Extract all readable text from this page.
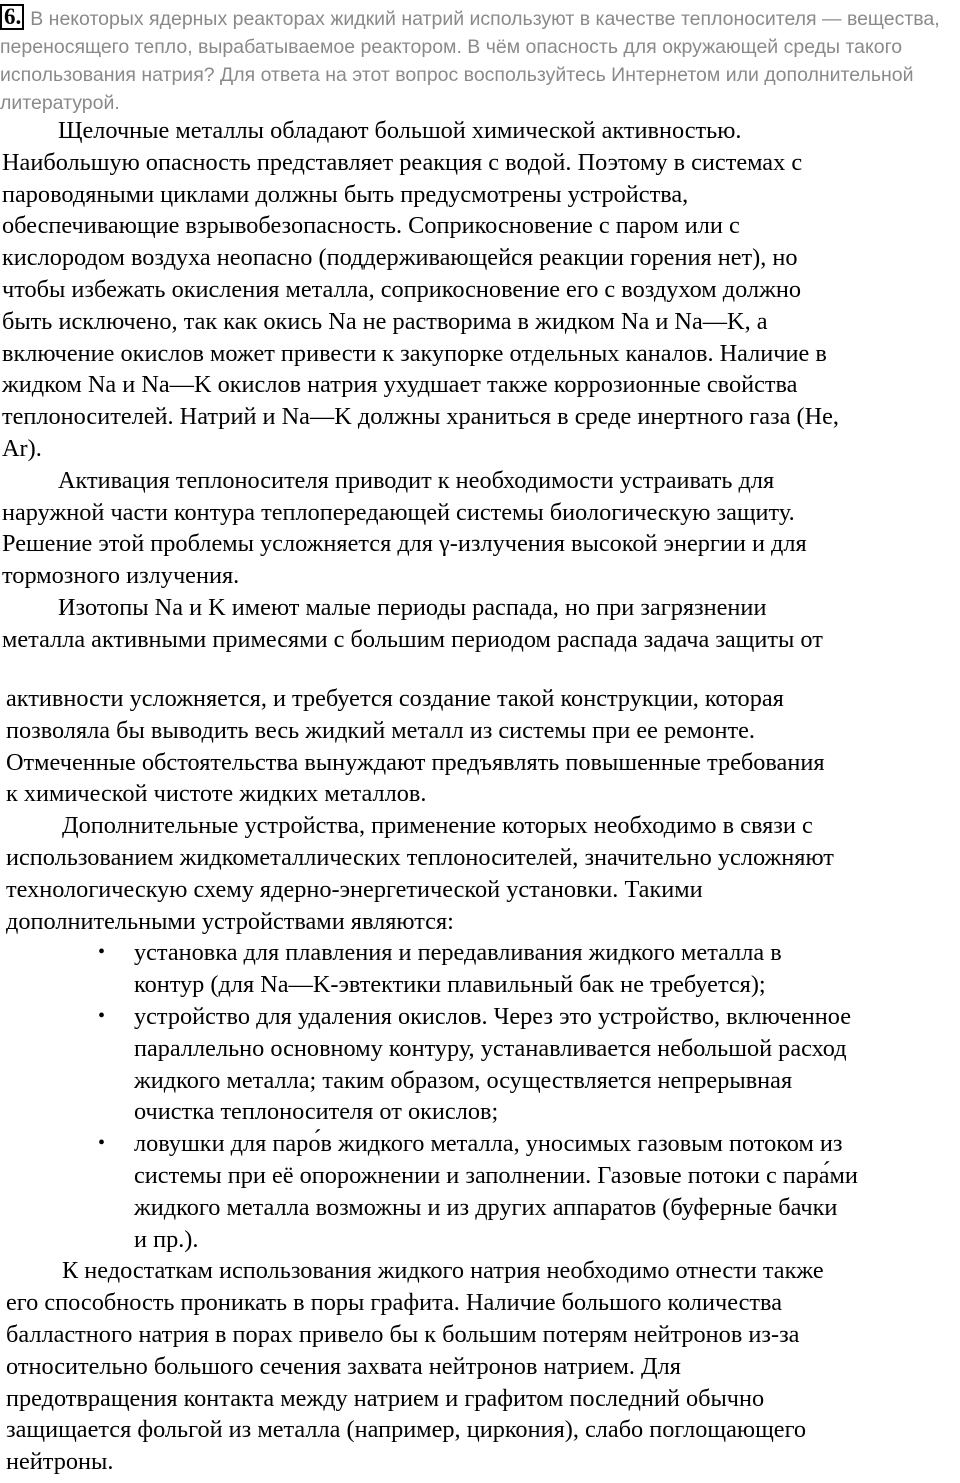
6. В некоторых ядерных реакторах жидкий натрий используют в качестве теплоносителя — вещества, переносящего тепло, вырабатываемое реактором. В чём опасность для окружающей среды такого использования натрия? Для ответа на этот вопрос воспользуйтесь Интернетом или дополнительной литературой.

Щелочные металлы обладают большой химической активностью.
Наибольшую опасность представляет реакция с водой. Поэтому в системах с
пароводяными циклами должны быть предусмотрены устройства,
обеспечивающие взрывобезопасность. Соприкосновение с паром или с
кислородом воздуха неопасно (поддерживающейся реакции горения нет), но
чтобы избежать окисления металла, соприкосновение его с воздухом должно
быть исключено, так как окись Na не растворима в жидком Na и Na—K, а
включение окислов может привести к закупорке отдельных каналов. Наличие в
жидком Na и Na—K окислов натрия ухудшает также коррозионные свойства
теплоносителей. Натрий и Na—K должны храниться в среде инертного газа (He,
Ar).

Активация теплоносителя приводит к необходимости устраивать для
наружной части контура теплопередающей системы биологическую защиту.
Решение этой проблемы усложняется для γ-излучения высокой энергии и для
тормозного излучения.

Изотопы Na и K имеют малые периоды распада, но при загрязнении
металла активными примесями с большим периодом распада задача защиты от

активности усложняется, и требуется создание такой конструкции, которая
позволяла бы выводить весь жидкий металл из системы при ее ремонте.
Отмеченные обстоятельства вынуждают предъявлять повышенные требования
к химической чистоте жидких металлов.

Дополнительные устройства, применение которых необходимо в связи с
использованием жидкометаллических теплоносителей, значительно усложняют
технологическую схему ядерно-энергетической установки. Такими
дополнительными устройствами являются:

• установка для плавления и передавливания жидкого металла в
контур (для Na—K-эвтектики плавильный бак не требуется);
• устройство для удаления окислов. Через это устройство, включенное
параллельно основному контуру, устанавливается небольшой расход
жидкого металла; таким образом, осуществляется непрерывная
очистка теплоносителя от окислов;
• ловушки для паро́в жидкого металла, уносимых газовым потоком из
системы при её опорожнении и заполнении. Газовые потоки с пара́ми
жидкого металла возможны и из других аппаратов (буферные бачки
и пр.).

К недостаткам использования жидкого натрия необходимо отнести также
его способность проникать в поры графита. Наличие большого количества
балластного натрия в порах привело бы к большим потерям нейтронов из-за
относительно большого сечения захвата нейтронов натрием. Для
предотвращения контакта между натрием и графитом последний обычно
защищается фольгой из металла (например, циркония), слабо поглощающего
нейтроны.
